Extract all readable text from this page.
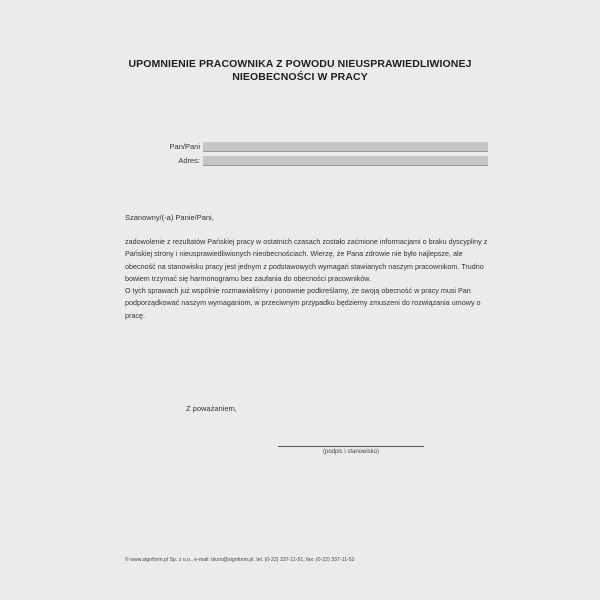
UPOMNIENIE PRACOWNIKA Z POWODU NIEUSPRAWIEDLIWIONEJ
NIEOBECNOŚCI W PRACY
Pan/Pani
Adres:
Szanowny/(-a) Panie/Pani,

zadowolenie z rezultatów Pańskiej pracy w ostatnich czasach zostało zaćmione informacjami o braku dyscypliny z Pańskiej strony i nieusprawiedliwionych nieobecnościach. Wierzę, że Pana zdrowie nie było najlepsze, ale obecność na stanowisku pracy jest jednym z podstawowych wymagań stawianych naszym pracownikom. Trudno bowiem trzymać się harmonogramu bez zaufania do obecności pracowników.

O tych sprawach już wspólnie rozmawialiśmy i ponownie podkreślamy, że swoją obecność w pracy musi Pan podporządkować naszym wymaganiom, w przeciwnym przypadku będziemy zmuszeni do rozwiązania umowy o pracę.

Z poważaniem,
(podpis i stanowisko)
© www.signform.pl Sp. z o.o., e-mail: biuro@signform.pl, tel. (0-22) 337-11-51, fax: (0-22) 337-11-52
